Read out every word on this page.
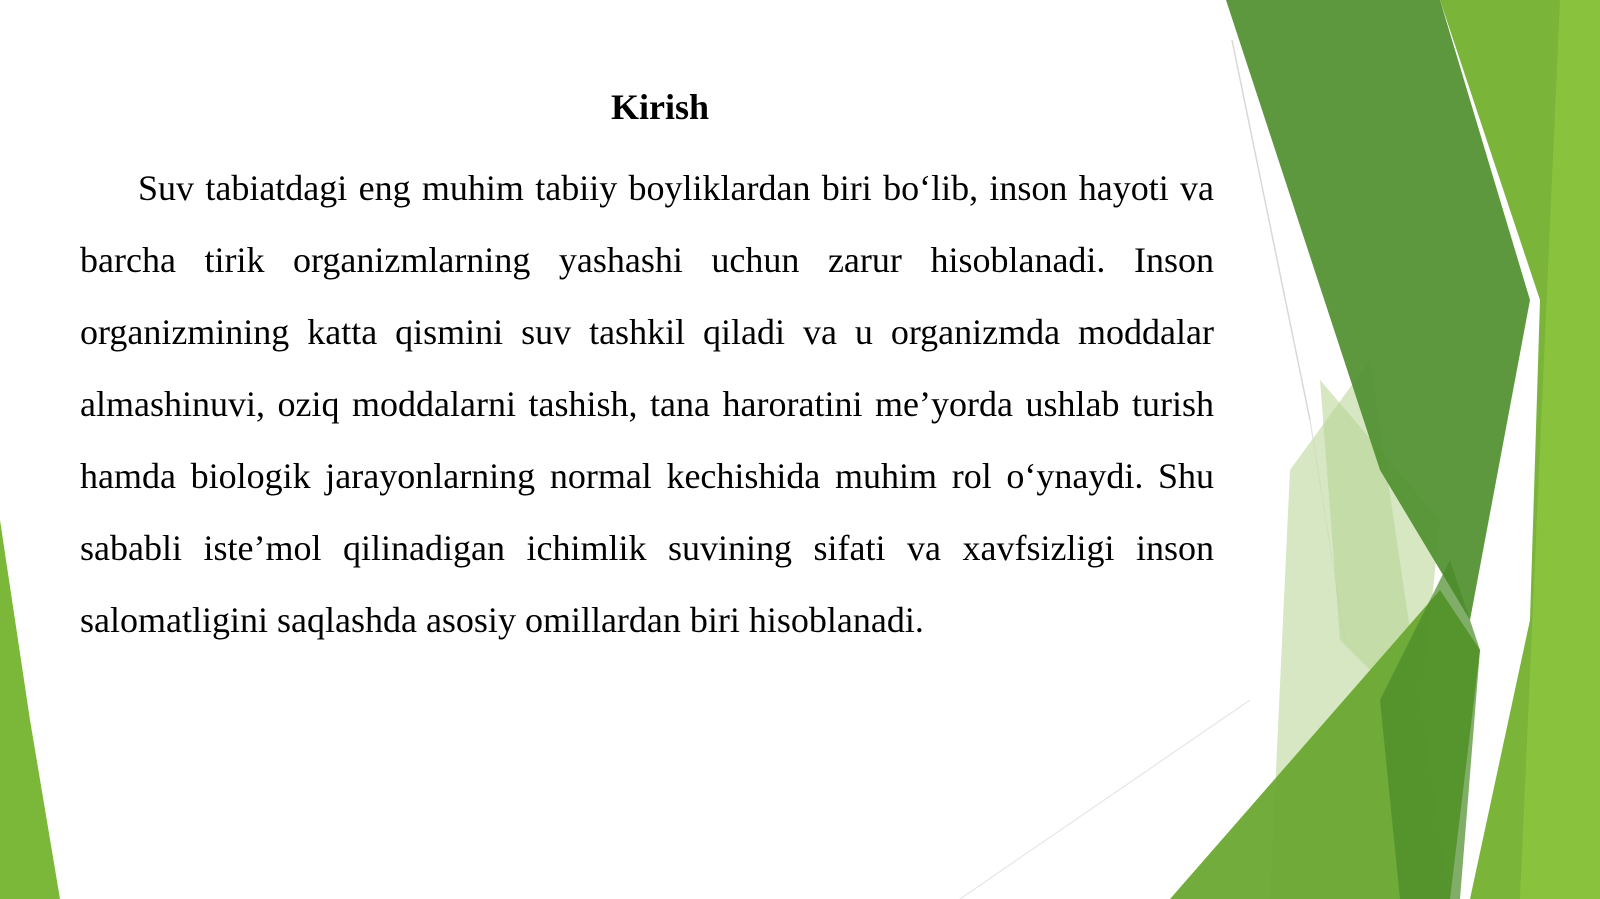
Kirish

Suv tabiatdagi eng muhim tabiiy boyliklardan biri bo‘lib, inson hayoti va barcha tirik organizmlarning yashashi uchun zarur hisoblanadi. Inson organizmining katta qismini suv tashkil qiladi va u organizmda moddalar almashinuvi, oziq moddalarni tashish, tana haroratini me’yorda ushlab turish hamda biologik jarayonlarning normal kechishida muhim rol o‘ynaydi. Shu sababli iste’mol qilinadigan ichimlik suvining sifati va xavfsizligi inson salomatligini saqlashda asosiy omillardan biri hisoblanadi.
